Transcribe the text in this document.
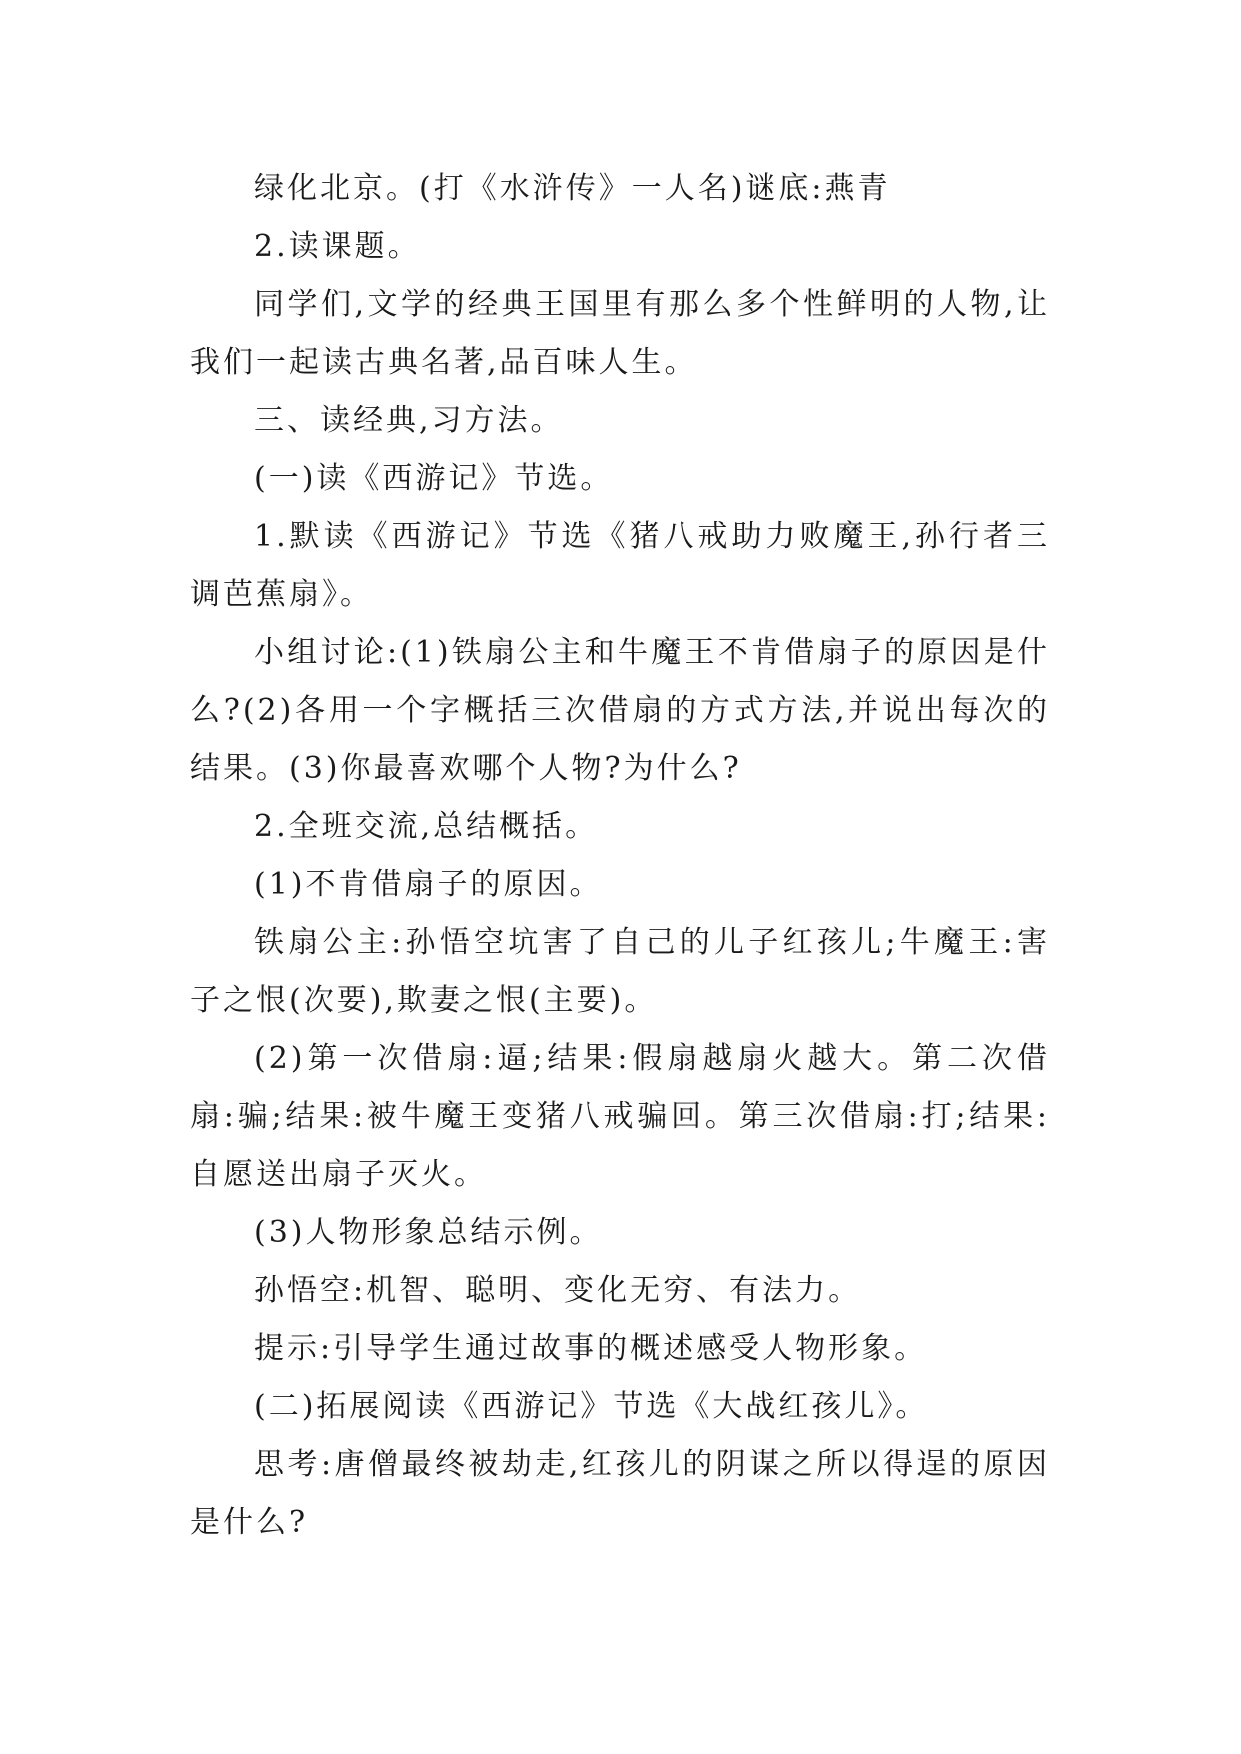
绿化北京。(打《水浒传》一人名)谜底:燕青

2.读课题。

同学们,文学的经典王国里有那么多个性鲜明的人物,让我们一起读古典名著,品百味人生。

三、读经典,习方法。

(一)读《西游记》节选。

1.默读《西游记》节选《猪八戒助力败魔王,孙行者三调芭蕉扇》。

小组讨论:(1)铁扇公主和牛魔王不肯借扇子的原因是什么?(2)各用一个字概括三次借扇的方式方法,并说出每次的结果。(3)你最喜欢哪个人物?为什么?

2.全班交流,总结概括。

(1)不肯借扇子的原因。

铁扇公主:孙悟空坑害了自己的儿子红孩儿;牛魔王:害子之恨(次要),欺妻之恨(主要)。

(2)第一次借扇:逼;结果:假扇越扇火越大。第二次借扇:骗;结果:被牛魔王变猪八戒骗回。第三次借扇:打;结果:自愿送出扇子灭火。

(3)人物形象总结示例。

孙悟空:机智、聪明、变化无穷、有法力。

提示:引导学生通过故事的概述感受人物形象。

(二)拓展阅读《西游记》节选《大战红孩儿》。

思考:唐僧最终被劫走,红孩儿的阴谋之所以得逞的原因是什么?
